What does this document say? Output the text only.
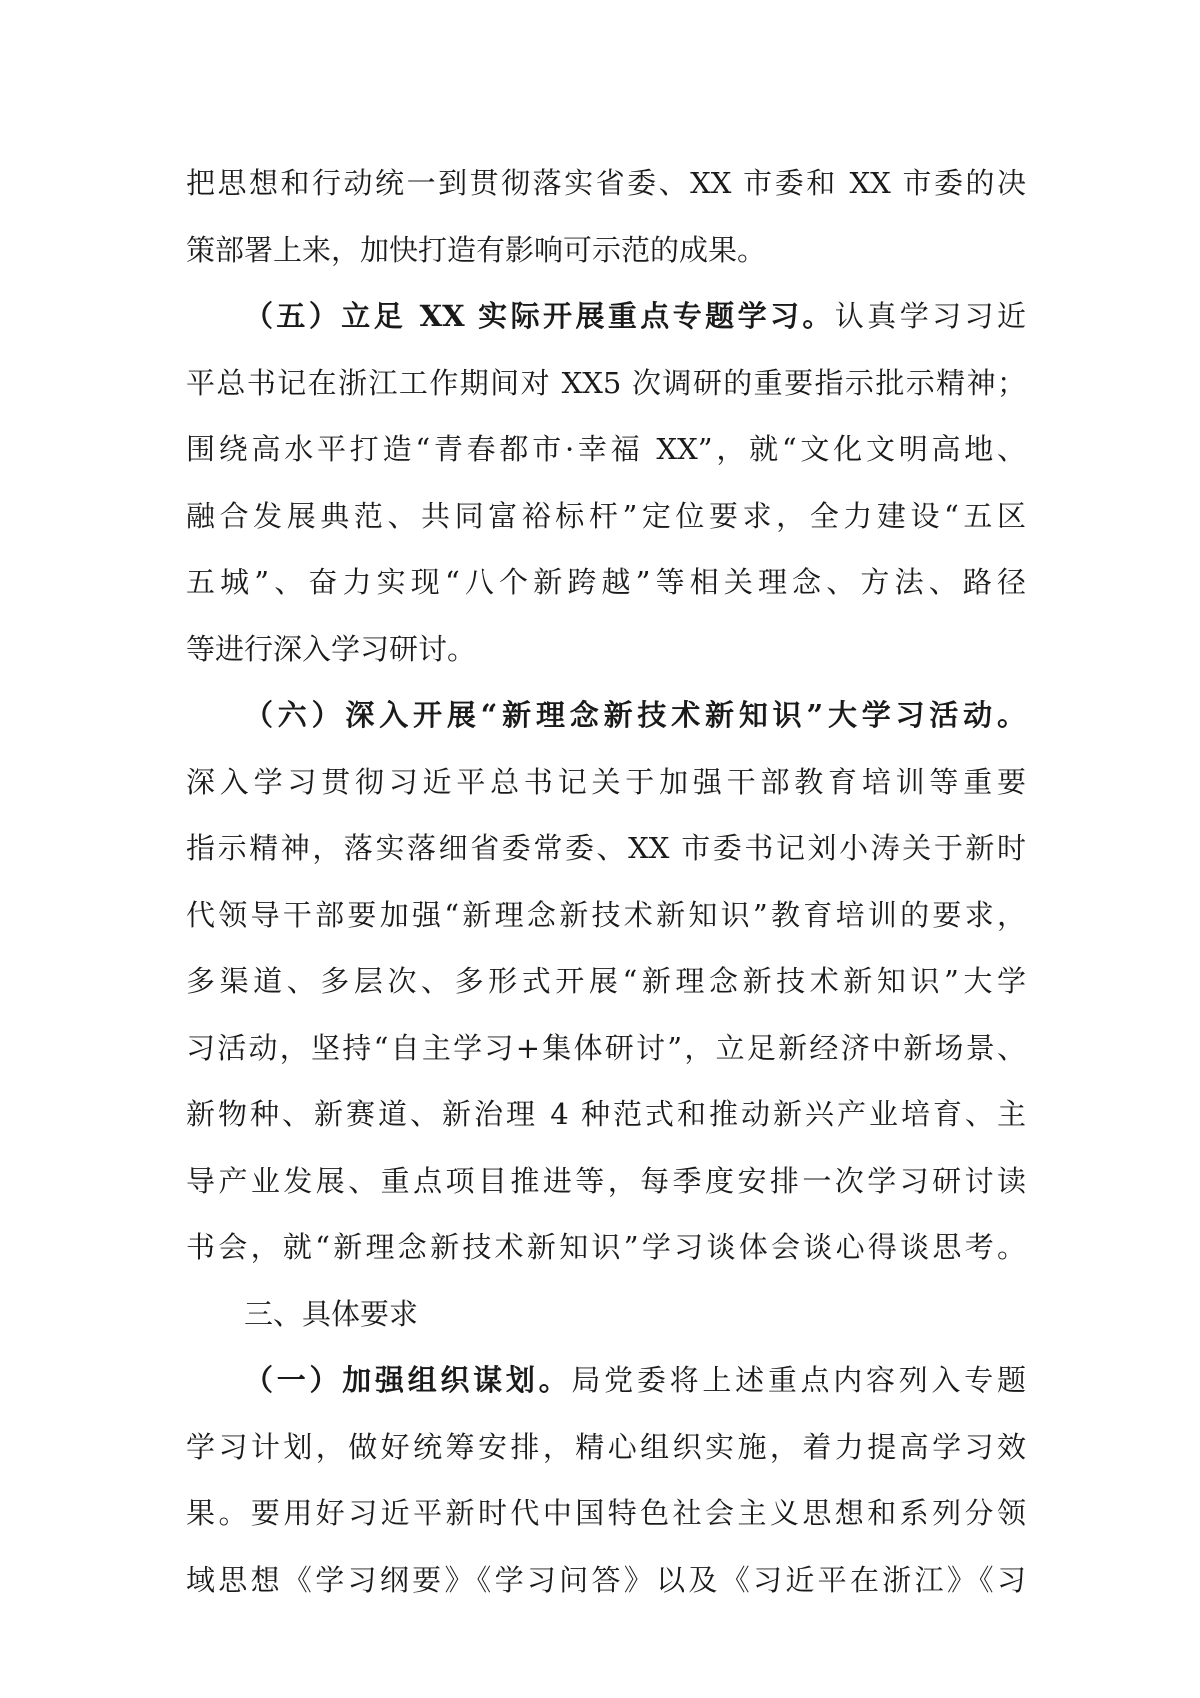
把思想和行动统一到贯彻落实省委、XX 市委和 XX 市委的决
策部署上来，加快打造有影响可示范的成果。
（五）立足 XX 实际开展重点专题学习。认真学习习近
平总书记在浙江工作期间对 XX5 次调研的重要指示批示精神；
围绕高水平打造“青春都市·幸福 XX”，就“文化文明高地、
融合发展典范、共同富裕标杆”定位要求，全力建设“五区
五城”、奋力实现“八个新跨越”等相关理念、方法、路径
等进行深入学习研讨。
（六）深入开展“新理念新技术新知识”大学习活动。
深入学习贯彻习近平总书记关于加强干部教育培训等重要
指示精神，落实落细省委常委、XX 市委书记刘小涛关于新时
代领导干部要加强“新理念新技术新知识”教育培训的要求，
多渠道、多层次、多形式开展“新理念新技术新知识”大学
习活动，坚持“自主学习+集体研讨”，立足新经济中新场景、
新物种、新赛道、新治理 4 种范式和推动新兴产业培育、主
导产业发展、重点项目推进等，每季度安排一次学习研讨读
书会，就“新理念新技术新知识”学习谈体会谈心得谈思考。
三、具体要求
（一）加强组织谋划。局党委将上述重点内容列入专题
学习计划，做好统筹安排，精心组织实施，着力提高学习效
果。要用好习近平新时代中国特色社会主义思想和系列分领
域思想《学习纲要》《学习问答》以及《习近平在浙江》《习
